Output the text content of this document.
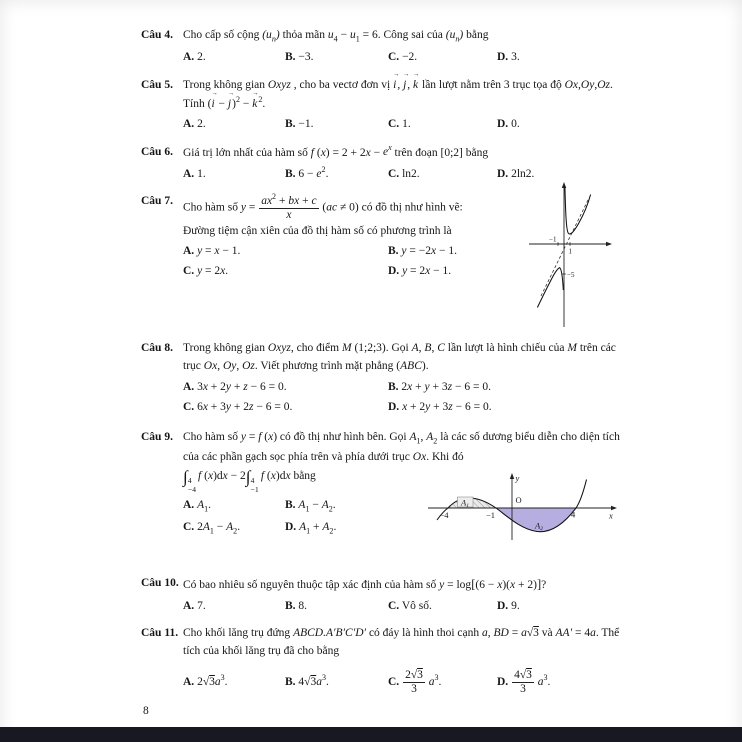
Câu 4. Cho cấp số cộng $(u_n)$ thỏa mãn $u_4 - u_1 = 6$. Công sai của $(u_n)$ bằng
A. 2.	B. −3.	C. −2.	D. 3.
Câu 5. Trong không gian Oxyz , cho ba vectơ đơn vị i →, j →, k → lần lượt nằm trên 3 trục tọa độ Ox,Oy,Oz. Tính (i → − j →)$^2$ − k →$^2$.
A. 2.	B. −1.	C. 1.	D. 0.
Câu 6. Giá trị lớn nhất của hàm số f $(x) = 2 + 2x - e^x$ trên đoạn [0;2] bằng
A. 1.	B. $6 - e^2$.	C. ln2.	D. 2ln2.
Câu 7.
Cho hàm số $y = \frac{ax^2 + bx + c}{x} (ac \ne 0)$ có đồ thị như hình vẽ:
Đường tiệm cận xiên của đồ thị hàm số có phương trình là
A. y = x − 1.	B. y = −2x − 1.
C. y = 2x.	D. y = 2x − 1.
−1
1
−5
Câu 8. Trong không gian Oxyz, cho điểm M (1;2;3). Gọi A, B, C lần lượt là hình chiếu của M trên các trục Ox, Oy, Oz. Viết phương trình mặt phẳng (ABC).
A. 3x + 2y + z − 6 = 0.	B. 2x + y + 3z − 6 = 0.
C. 6x + 3y + 2z − 6 = 0.	D. x + 2y + 3z − 6 = 0.
Câu 9. Cho hàm số y = f (x) có đồ thị như hình bên. Gọi $A_1$, $A_2$ là các số dương biểu diễn cho diện tích của các phần gạch sọc phía trên và phía dưới trục Ox. Khi đó
∫ 4
−4
f (x)dx − 2∫ 4
−1
f (x)dx bằng
A. $A_1$.	B. $A_1 - A_2$.
C. $2A_1 - A_2$.	D. $A_1 + A_2$.
y
O
x
−4	−1	4
A1
A2
Câu 10. Có bao nhiêu số nguyên thuộc tập xác định của hàm số y = log[(6 − x)(x + 2)]?
A. 7.	B. 8.	C. Vô số.	D. 9.
Câu 11. Cho khối lăng trụ đứng ABCD.A′B′C′D′ có đáy là hình thoi cạnh a, BD = a√3 và AA′ = 4a. Thể tích của khối lăng trụ đã cho bằng
A. $2√3a^3$.	B. $4√3a^3$.	C. $\frac{2√3}{3} a^3$.	D. $\frac{4√3}{3} a^3$.
8
